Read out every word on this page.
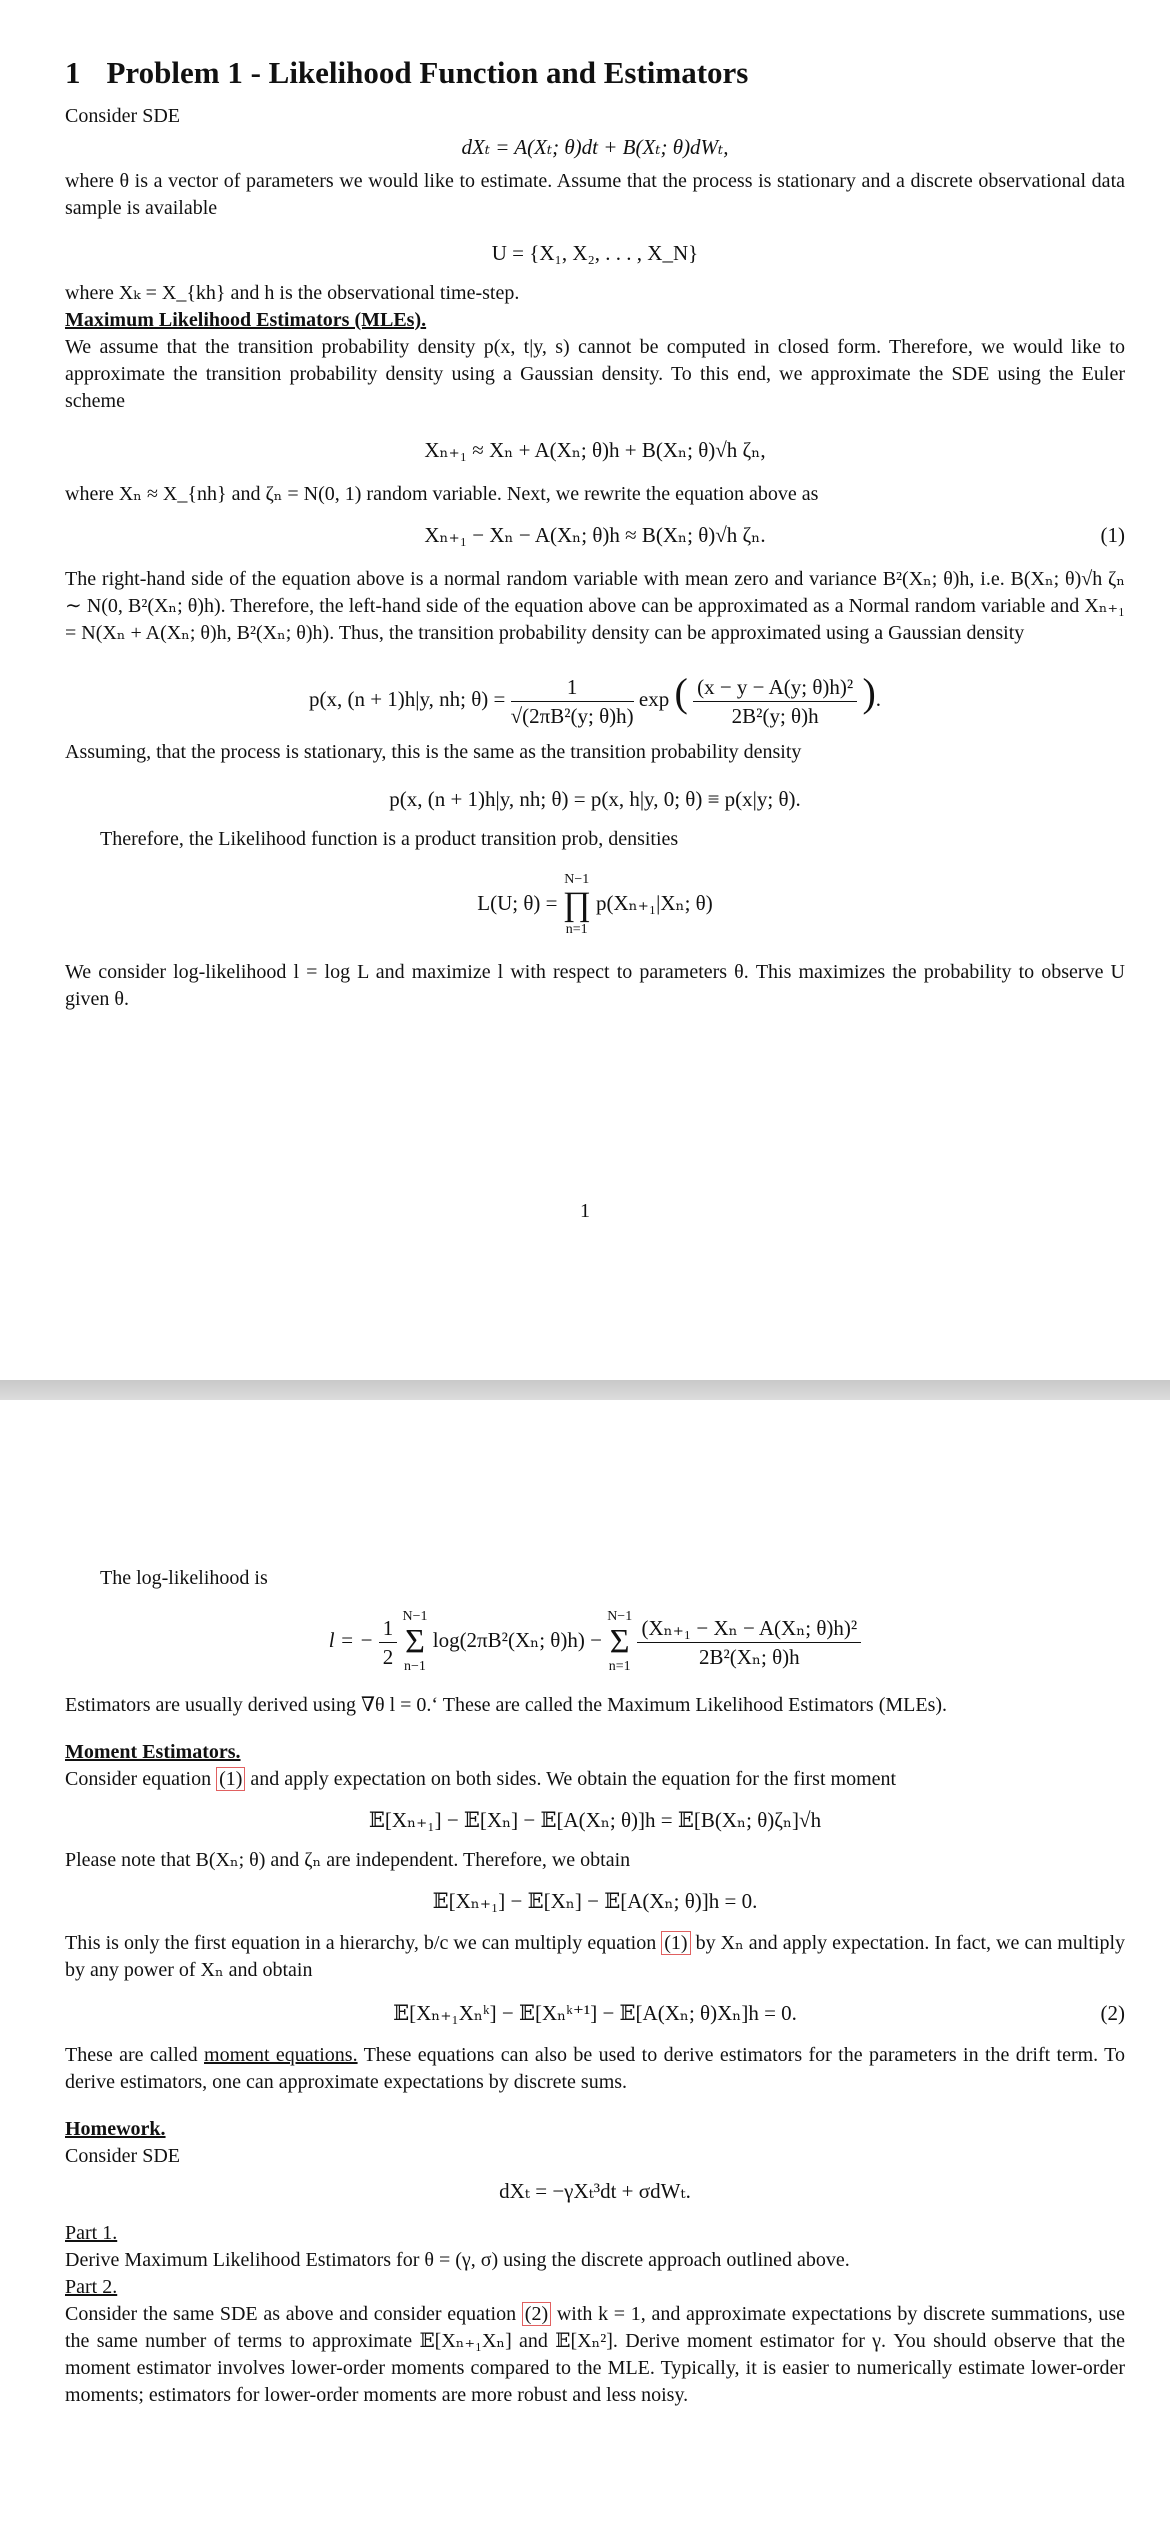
1 Problem 1 - Likelihood Function and Estimators

Consider SDE

dXₜ = A(Xₜ; θ)dt + B(Xₜ; θ)dWₜ,

where θ is a vector of parameters we would like to estimate. Assume that the process is stationary and a discrete observational data sample is available

U = {X₁, X₂, . . . , X_N}

where Xₖ = X_{kh} and h is the observational time-step.

Maximum Likelihood Estimators (MLEs).

We assume that the transition probability density p(x, t|y, s) cannot be computed in closed form. Therefore, we would like to approximate the transition probability density using a Gaussian density. To this end, we approximate the SDE using the Euler scheme

Xₙ₊₁ ≈ Xₙ + A(Xₙ; θ)h + B(Xₙ; θ)√h ζₙ,

where Xₙ ≈ X_{nh} and ζₙ = N(0, 1) random variable. Next, we rewrite the equation above as

Xₙ₊₁ − Xₙ − A(Xₙ; θ)h ≈ B(Xₙ; θ)√h ζₙ.	(1)

The right-hand side of the equation above is a normal random variable with mean zero and variance B²(Xₙ; θ)h, i.e. B(Xₙ; θ)√h ζₙ ∼ N(0, B²(Xₙ; θ)h). Therefore, the left-hand side of the equation above can be approximated as a Normal random variable and Xₙ₊₁ = N(Xₙ + A(Xₙ; θ)h, B²(Xₙ; θ)h). Thus, the transition probability density can be approximated using a Gaussian density

p(x, (n + 1)h|y, nh; $\theta) = \frac{1}{\text{√(2πB²(y; θ)h)}}$ exp ( $\frac{\text{(x − y − A(y; θ)h)²}}{\text{2B²(y; θ)h}}$ ).

Assuming, that the process is stationary, this is the same as the transition probability density

p(x, (n + 1)h|y, nh; θ) = p(x, h|y, 0; θ) ≡ p(x|y; θ).

Therefore, the Likelihood function is a product transition prob, densities

L(U; θ) = N−1
∏
n=1 p(Xₙ₊₁|Xₙ; θ)

We consider log-likelihood l = log L and maximize l with respect to parameters θ. This maximizes the probability to observe U given θ.

1

The log-likelihood is

l = − $\frac{1}{2} N-1$
Σ
n−1 log(2πB²(Xₙ; θ)h) − N−1
Σ
$n=1 \frac{\text{(Xₙ₊₁ − Xₙ − A(Xₙ; θ)h)²}}{\text{2B²(Xₙ; θ)h}}$

Estimators are usually derived using ∇θ l = 0.‘ These are called the Maximum Likelihood Estimators (MLEs).

Moment Estimators.

Consider equation (1) and apply expectation on both sides. We obtain the equation for the first moment

𝔼[Xₙ₊₁] − 𝔼[Xₙ] − 𝔼[A(Xₙ; θ)]h = 𝔼[B(Xₙ; θ)ζₙ]√h

Please note that B(Xₙ; θ) and ζₙ are independent. Therefore, we obtain

𝔼[Xₙ₊₁] − 𝔼[Xₙ] − 𝔼[A(Xₙ; θ)]h = 0.

This is only the first equation in a hierarchy, b/c we can multiply equation (1) by Xₙ and apply expectation. In fact, we can multiply by any power of Xₙ and obtain

𝔼[Xₙ₊₁Xₙᵏ] − 𝔼[Xₙᵏ⁺¹] − 𝔼[A(Xₙ; θ)Xₙ]h = 0.	(2)

These are called moment equations. These equations can also be used to derive estimators for the parameters in the drift term. To derive estimators, one can approximate expectations by discrete sums.

Homework.

Consider SDE

dXₜ = −γXₜ³dt + σdWₜ.

Part 1.

Derive Maximum Likelihood Estimators for θ = (γ, σ) using the discrete approach outlined above.

Part 2.

Consider the same SDE as above and consider equation (2) with k = 1, and approximate expectations by discrete summations, use the same number of terms to approximate 𝔼[Xₙ₊₁Xₙ] and 𝔼[Xₙ²]. Derive moment estimator for γ. You should observe that the moment estimator involves lower-order moments compared to the MLE. Typically, it is easier to numerically estimate lower-order moments; estimators for lower-order moments are more robust and less noisy.
